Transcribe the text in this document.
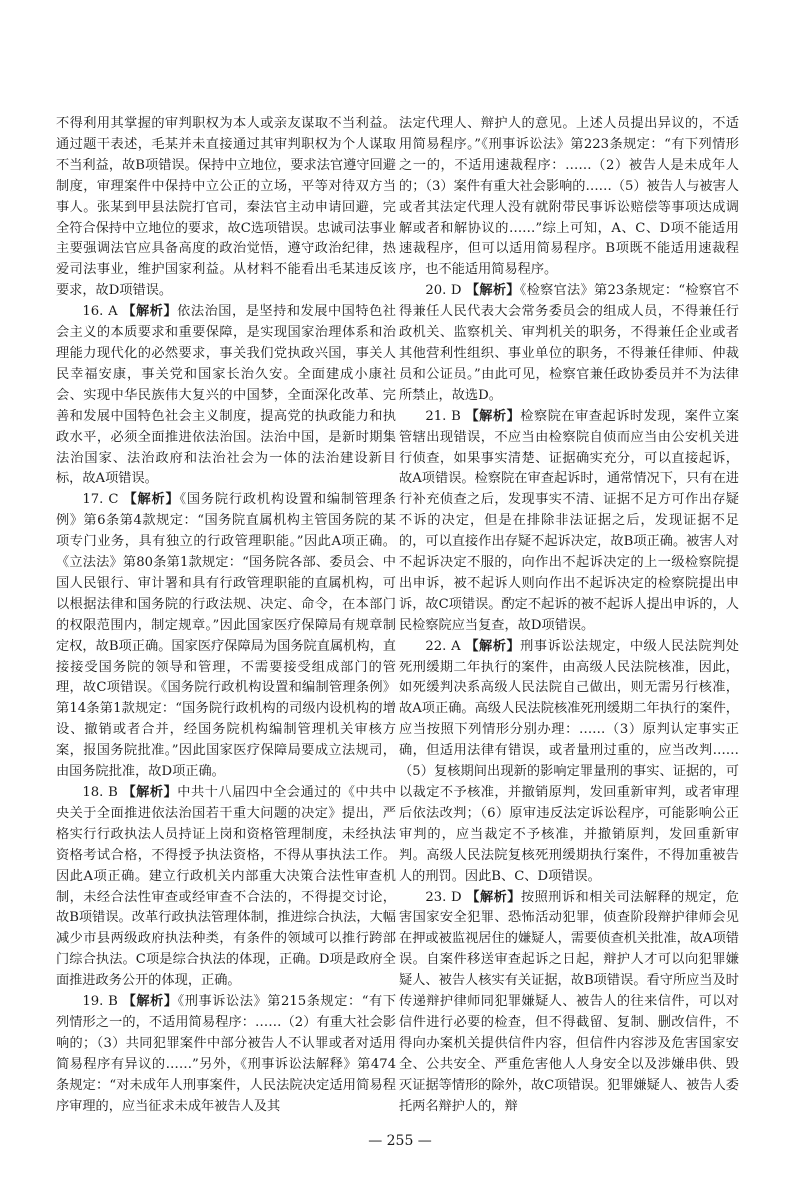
不得利用其掌握的审判职权为本人或亲友谋取不当利益。通过题干表述，毛某并未直接通过其审判职权为个人谋取不当利益，故B项错误。保持中立地位，要求法官遵守回避制度，审理案件中保持中立公正的立场，平等对待双方当事人。张某到甲县法院打官司，秦法官主动申请回避，完全符合保持中立地位的要求，故C选项错误。忠诚司法事业主要强调法官应具备高度的政治觉悟，遵守政治纪律，热爱司法事业，维护国家利益。从材料不能看出毛某违反该要求，故D项错误。

16. A 【解析】依法治国，是坚持和发展中国特色社会主义的本质要求和重要保障，是实现国家治理体系和治理能力现代化的必然要求，事关我们党执政兴国，事关人民幸福安康，事关党和国家长治久安。全面建成小康社会、实现中华民族伟大复兴的中国梦，全面深化改革、完善和发展中国特色社会主义制度，提高党的执政能力和执政水平，必须全面推进依法治国。法治中国，是新时期集法治国家、法治政府和法治社会为一体的法治建设新目标，故A项错误。

17. C 【解析】《国务院行政机构设置和编制管理条例》第6条第4款规定：“国务院直属机构主管国务院的某项专门业务，具有独立的行政管理职能。”因此A项正确。《立法法》第80条第1款规定：“国务院各部、委员会、中国人民银行、审计署和具有行政管理职能的直属机构，可以根据法律和国务院的行政法规、决定、命令，在本部门的权限范围内，制定规章。”因此国家医疗保障局有规章制定权，故B项正确。国家医疗保障局为国务院直属机构，直接接受国务院的领导和管理，不需要接受组成部门的管理，故C项错误。《国务院行政机构设置和编制管理条例》第14条第1款规定：“国务院行政机构的司级内设机构的增设、撤销或者合并，经国务院机构编制管理机关审核方案，报国务院批准。”因此国家医疗保障局要成立法规司，由国务院批准，故D项正确。

18. B 【解析】中共十八届四中全会通过的《中共中央关于全面推进依法治国若干重大问题的决定》提出，严格实行行政执法人员持证上岗和资格管理制度，未经执法资格考试合格，不得授予执法资格，不得从事执法工作。因此A项正确。建立行政机关内部重大决策合法性审查机制，未经合法性审查或经审查不合法的，不得提交讨论，故B项错误。改革行政执法管理体制，推进综合执法，大幅减少市县两级政府执法种类，有条件的领域可以推行跨部门综合执法。C项是综合执法的体现，正确。D项是政府全面推进政务公开的体现，正确。

19. B 【解析】《刑事诉讼法》第215条规定：“有下列情形之一的，不适用简易程序：……（2）有重大社会影响的；（3）共同犯罪案件中部分被告人不认罪或者对适用简易程序有异议的……”另外，《刑事诉讼法解释》第474条规定：“对未成年人刑事案件，人民法院决定适用简易程序审理的，应当征求未成年被告人及其

法定代理人、辩护人的意见。上述人员提出异议的，不适用简易程序。”《刑事诉讼法》第223条规定：“有下列情形之一的，不适用速裁程序：……（2）被告人是未成年人的；（3）案件有重大社会影响的……（5）被告人与被害人或者其法定代理人没有就附带民事诉讼赔偿等事项达成调解或者和解协议的……”综上可知，A、C、D项不能适用速裁程序，但可以适用简易程序。B项既不能适用速裁程序，也不能适用简易程序。

20. D 【解析】《检察官法》第23条规定：“检察官不得兼任人民代表大会常务委员会的组成人员，不得兼任行政机关、监察机关、审判机关的职务，不得兼任企业或者其他营利性组织、事业单位的职务，不得兼任律师、仲裁员和公证员。”由此可见，检察官兼任政协委员并不为法律所禁止，故选D。

21. B 【解析】检察院在审查起诉时发现，案件立案管辖出现错误，不应当由检察院自侦而应当由公安机关进行侦查，如果事实清楚、证据确实充分，可以直接起诉，故A项错误。检察院在审查起诉时，通常情况下，只有在进行补充侦查之后，发现事实不清、证据不足方可作出存疑不诉的决定，但是在排除非法证据之后，发现证据不足的，可以直接作出存疑不起诉决定，故B项正确。被害人对不起诉决定不服的，向作出不起诉决定的上一级检察院提出申诉，被不起诉人则向作出不起诉决定的检察院提出申诉，故C项错误。酌定不起诉的被不起诉人提出申诉的，人民检察院应当复查，故D项错误。

22. A 【解析】刑事诉讼法规定，中级人民法院判处死刑缓期二年执行的案件，由高级人民法院核准，因此，如死缓判决系高级人民法院自己做出，则无需另行核准，故A项正确。高级人民法院核准死刑缓期二年执行的案件，应当按照下列情形分别办理：……（3）原判认定事实正确，但适用法律有错误，或者量刑过重的，应当改判……（5）复核期间出现新的影响定罪量刑的事实、证据的，可以裁定不予核准，并撤销原判，发回重新审判，或者审理后依法改判；（6）原审违反法定诉讼程序，可能影响公正审判的，应当裁定不予核准，并撤销原判，发回重新审判。高级人民法院复核死刑缓期执行案件，不得加重被告人的刑罚。因此B、C、D项错误。

23. D 【解析】按照刑诉和相关司法解释的规定，危害国家安全犯罪、恐怖活动犯罪，侦查阶段辩护律师会见在押或被监视居住的嫌疑人，需要侦查机关批准，故A项错误。自案件移送审查起诉之日起，辩护人才可以向犯罪嫌疑人、被告人核实有关证据，故B项错误。看守所应当及时传递辩护律师同犯罪嫌疑人、被告人的往来信件，可以对信件进行必要的检查，但不得截留、复制、删改信件，不得向办案机关提供信件内容，但信件内容涉及危害国家安全、公共安全、严重危害他人人身安全以及涉嫌串供、毁灭证据等情形的除外，故C项错误。犯罪嫌疑人、被告人委托两名辩护人的，辩

— 255 —
